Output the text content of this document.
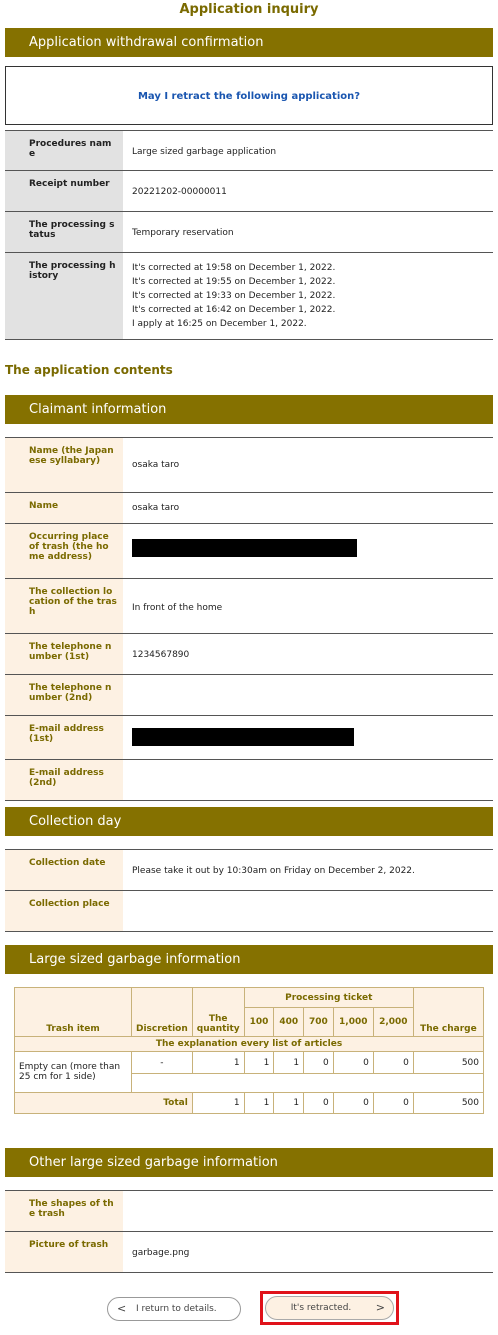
Application inquiry
Application withdrawal confirmation
May I retract the following application?
Procedures name	Large sized garbage application
Receipt number	20221202-00000011
The processing status	Temporary reservation
The processing history	It's corrected at 19:58 on December 1, 2022.
It's corrected at 19:55 on December 1, 2022.
It's corrected at 19:33 on December 1, 2022.
It's corrected at 16:42 on December 1, 2022.
I apply at 16:25 on December 1, 2022.
The application contents
Claimant information
Name (the Japanese syllabary)	osaka taro
Name	osaka taro
Occurring place of trash (the home address)	
The collection location of the trash	In front of the home
The telephone number (1st)	1234567890
The telephone number (2nd)	
E-mail address (1st)	
E-mail address (2nd)	
Collection day
Collection date	Please take it out by 10:30am on Friday on December 2, 2022.
Collection place	
Large sized garbage information
Trash item	Discretion	The quantity	Processing ticket					The charge
			100	400	700	1,000	2,000	
The explanation every list of articles								
Empty can (more than 25 cm for 1 side)	-	1	1	1	0	0	0	500

Total		1	1	1	0	0	0	500
Other large sized garbage information
The shapes of the trash	
Picture of trash	garbage.png
< I return to details.	It's retracted.	>
